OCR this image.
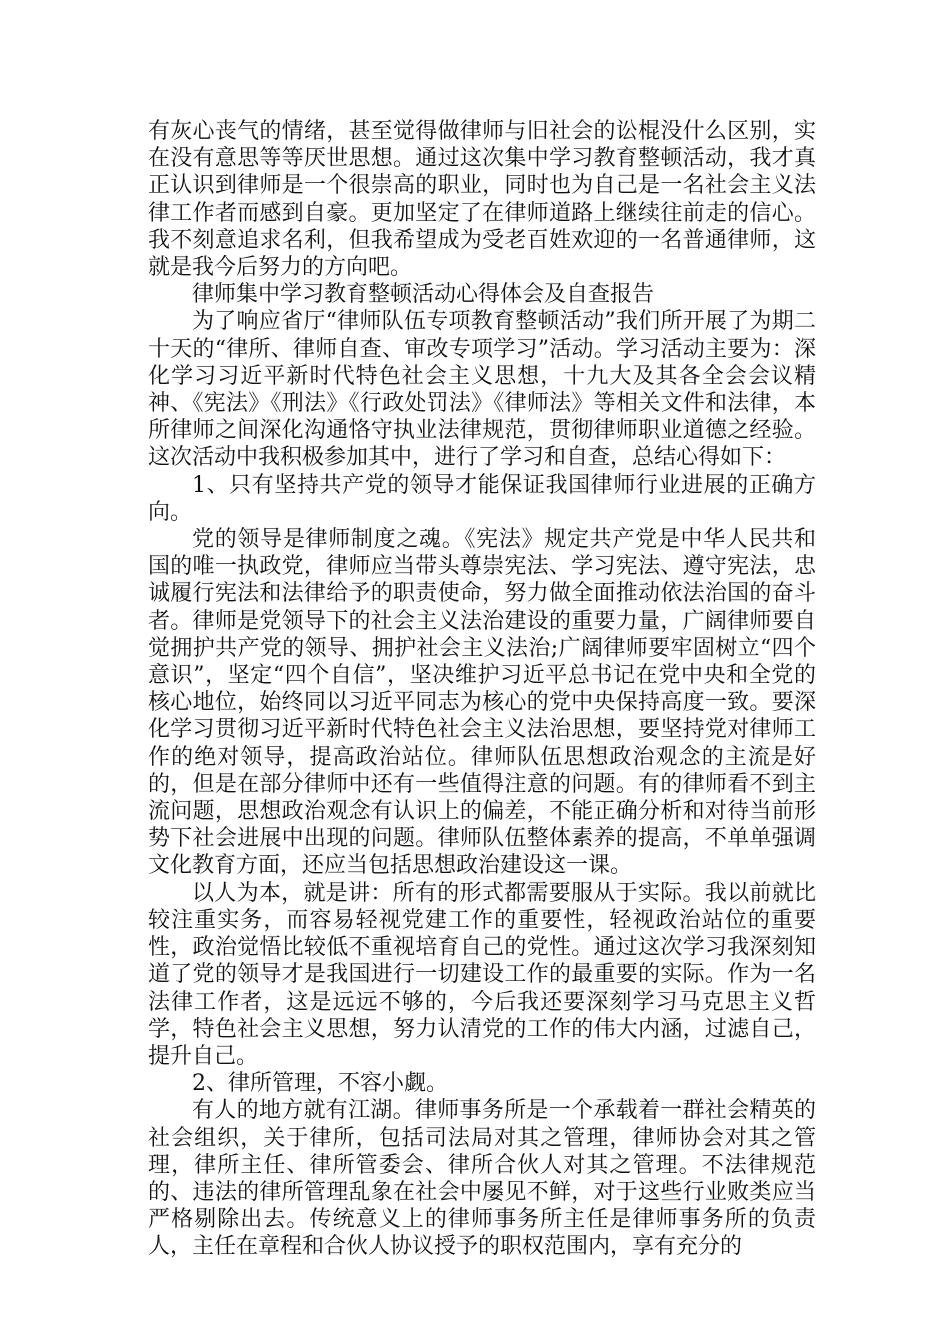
有灰心丧气的情绪，甚至觉得做律师与旧社会的讼棍没什么区别，实在没有意思等等厌世思想。通过这次集中学习教育整顿活动，我才真正认识到律师是一个很崇高的职业，同时也为自己是一名社会主义法律工作者而感到自豪。更加坚定了在律师道路上继续往前走的信心。我不刻意追求名利，但我希望成为受老百姓欢迎的一名普通律师，这就是我今后努力的方向吧。

律师集中学习教育整顿活动心得体会及自查报告

为了响应省厅“律师队伍专项教育整顿活动”我们所开展了为期二十天的“律所、律师自查、审改专项学习”活动。学习活动主要为：深化学习习近平新时代特色社会主义思想，十九大及其各全会会议精神、《宪法》《刑法》《行政处罚法》《律师法》等相关文件和法律，本所律师之间深化沟通恪守执业法律规范，贯彻律师职业道德之经验。这次活动中我积极参加其中，进行了学习和自查，总结心得如下：

1、只有坚持共产党的领导才能保证我国律师行业进展的正确方向。

党的领导是律师制度之魂。《宪法》规定共产党是中华人民共和国的唯一执政党，律师应当带头尊崇宪法、学习宪法、遵守宪法，忠诚履行宪法和法律给予的职责使命，努力做全面推动依法治国的奋斗者。律师是党领导下的社会主义法治建设的重要力量，广阔律师要自觉拥护共产党的领导、拥护社会主义法治;广阔律师要牢固树立“四个意识”，坚定“四个自信”，坚决维护习近平总书记在党中央和全党的核心地位，始终同以习近平同志为核心的党中央保持高度一致。要深化学习贯彻习近平新时代特色社会主义法治思想，要坚持党对律师工作的绝对领导，提高政治站位。律师队伍思想政治观念的主流是好的，但是在部分律师中还有一些值得注意的问题。有的律师看不到主流问题，思想政治观念有认识上的偏差，不能正确分析和对待当前形势下社会进展中出现的问题。律师队伍整体素养的提高，不单单强调文化教育方面，还应当包括思想政治建设这一课。

以人为本，就是讲：所有的形式都需要服从于实际。我以前就比较注重实务，而容易轻视党建工作的重要性，轻视政治站位的重要性，政治觉悟比较低不重视培育自己的党性。通过这次学习我深刻知道了党的领导才是我国进行一切建设工作的最重要的实际。作为一名法律工作者，这是远远不够的，今后我还要深刻学习马克思主义哲学，特色社会主义思想，努力认清党的工作的伟大内涵，过滤自己，提升自己。

2、律所管理，不容小觑。

有人的地方就有江湖。律师事务所是一个承载着一群社会精英的社会组织，关于律所，包括司法局对其之管理，律师协会对其之管理，律所主任、律所管委会、律所合伙人对其之管理。不法律规范的、违法的律所管理乱象在社会中屡见不鲜，对于这些行业败类应当严格剔除出去。传统意义上的律师事务所主任是律师事务所的负责人，主任在章程和合伙人协议授予的职权范围内，享有充分的
